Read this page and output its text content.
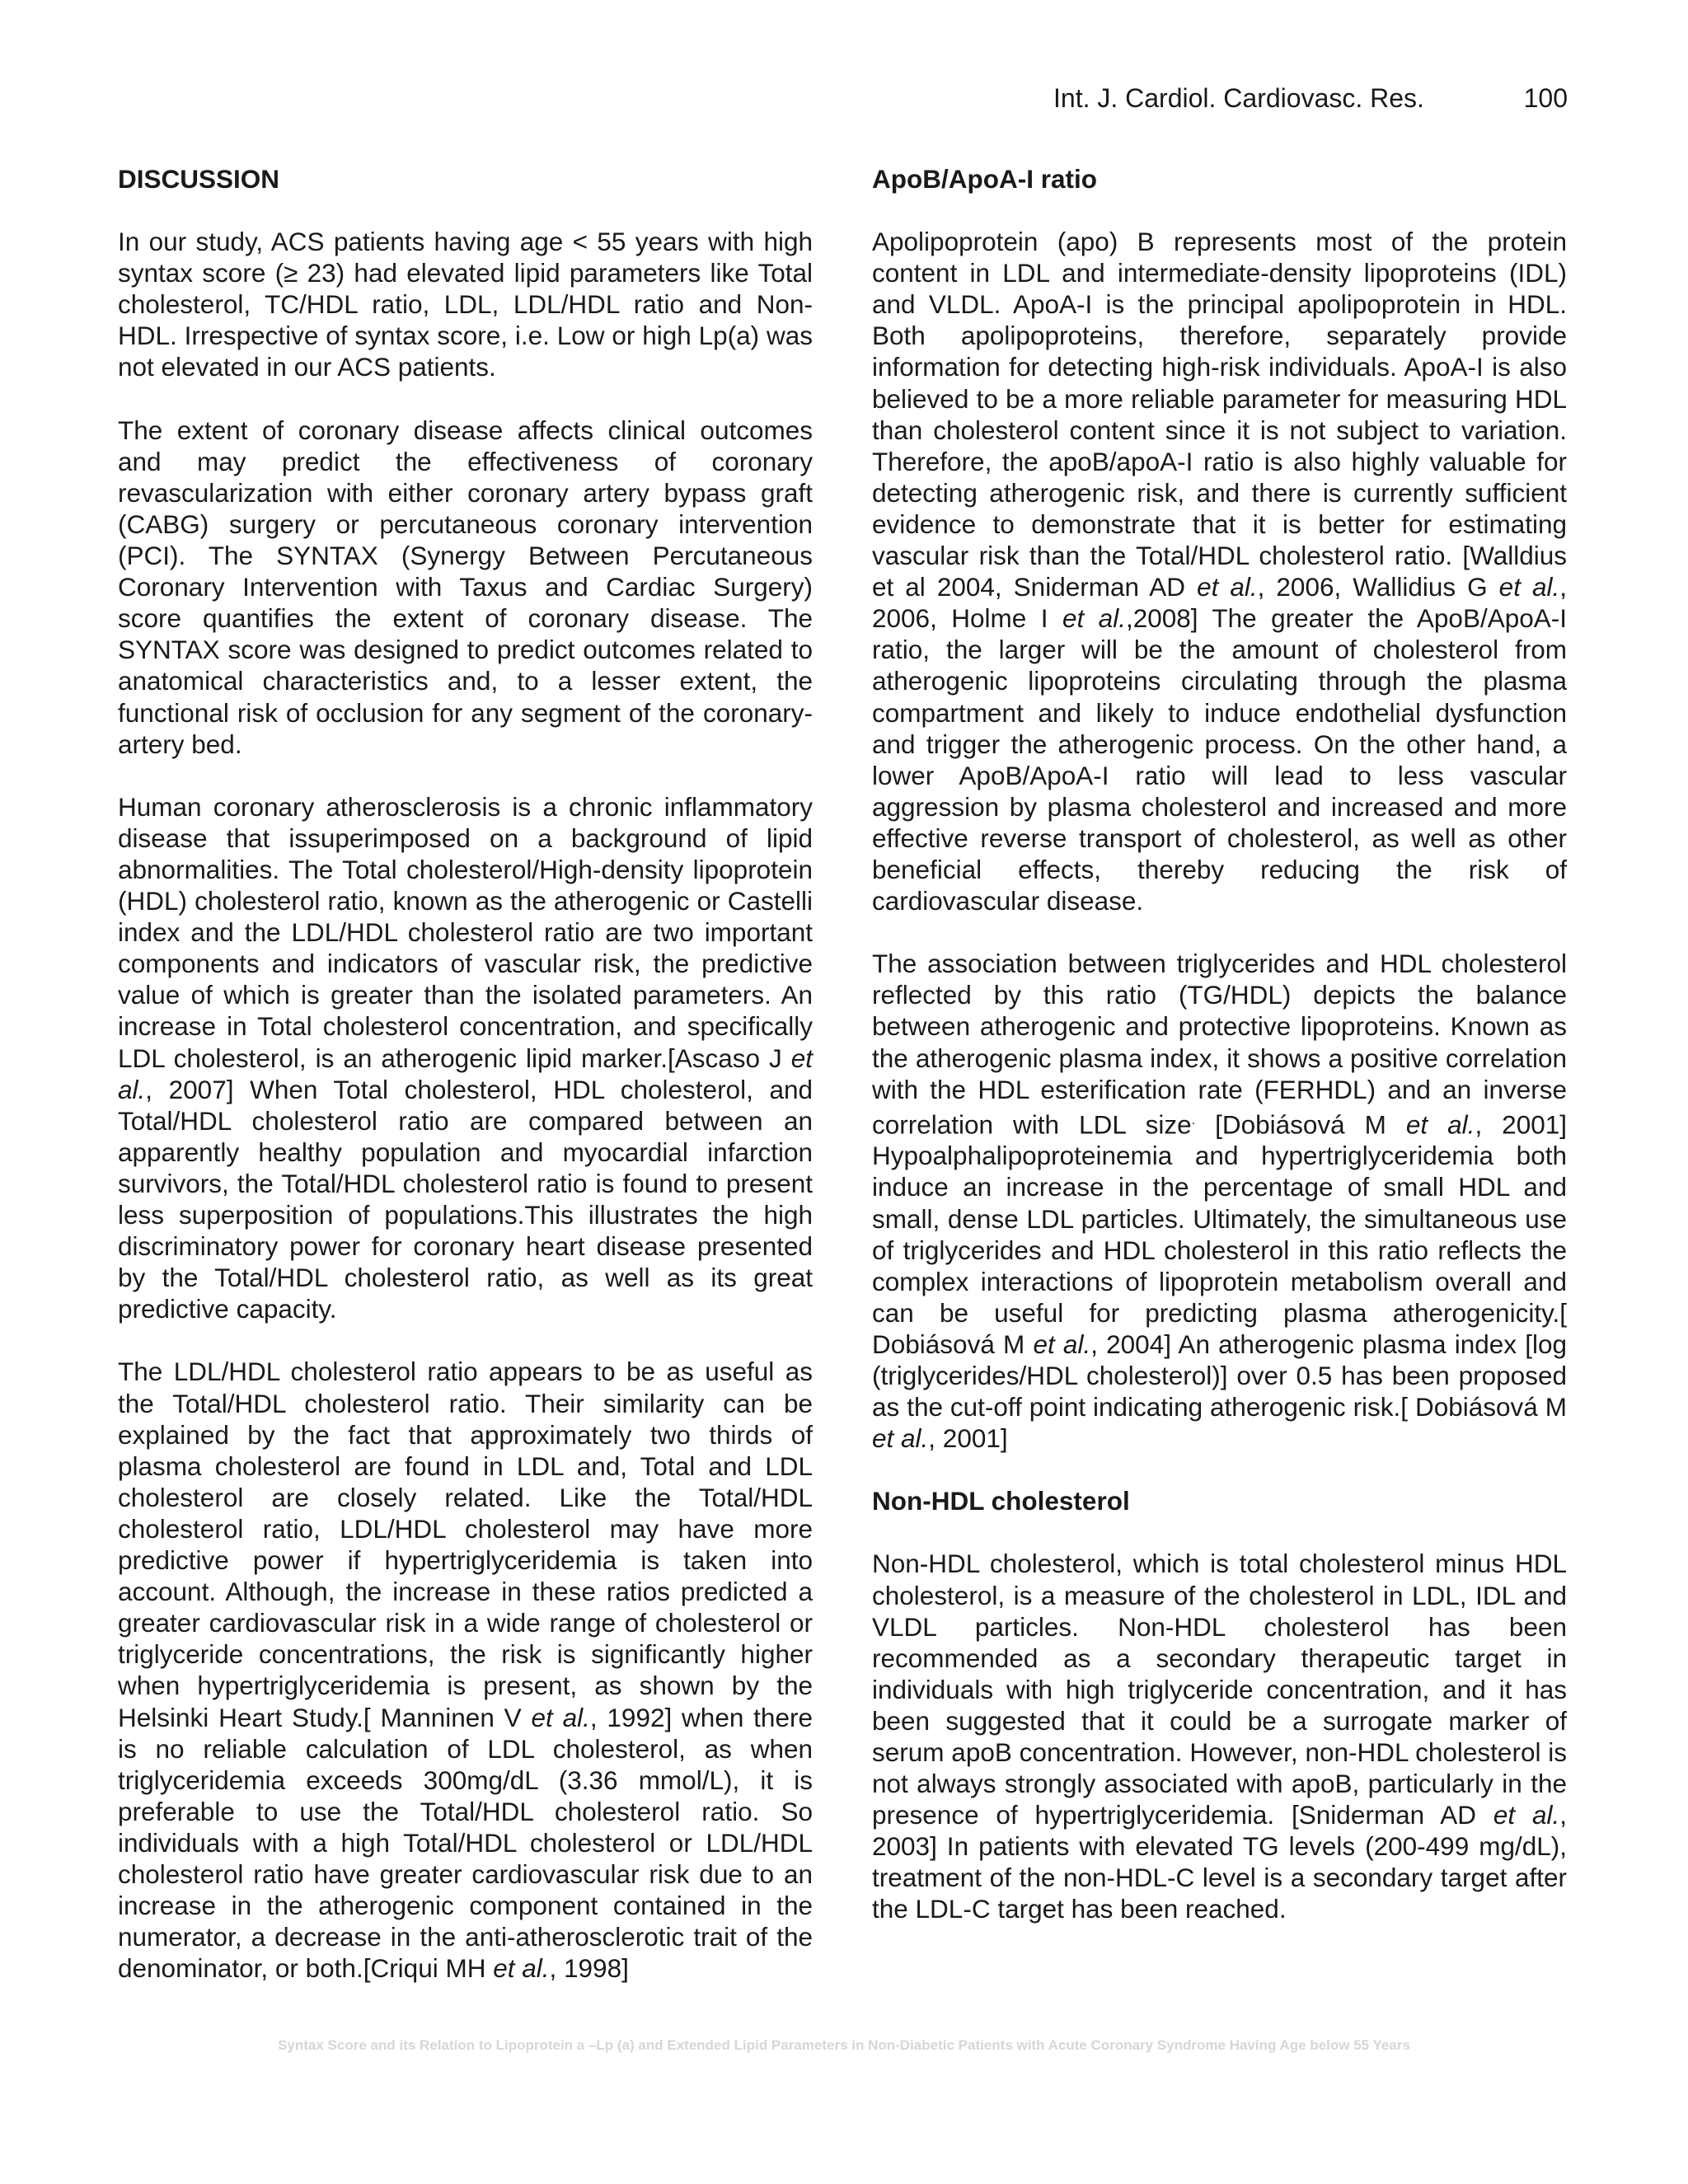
Int. J. Cardiol. Cardiovasc. Res.	100
DISCUSSION

In our study, ACS patients having age < 55 years with high syntax score (≥ 23) had elevated lipid parameters like Total cholesterol, TC/HDL ratio, LDL, LDL/HDL ratio and Non-HDL. Irrespective of syntax score, i.e. Low or high Lp(a) was not elevated in our ACS patients.

The extent of coronary disease affects clinical outcomes and may predict the effectiveness of coronary revascularization with either coronary artery bypass graft (CABG) surgery or percutaneous coronary intervention (PCI). The SYNTAX (Synergy Between Percutaneous Coronary Intervention with Taxus and Cardiac Surgery) score quantifies the extent of coronary disease. The SYNTAX score was designed to predict outcomes related to anatomical characteristics and, to a lesser extent, the functional risk of occlusion for any segment of the coronary-artery bed.

Human coronary atherosclerosis is a chronic inflammatory disease that issuperimposed on a background of lipid abnormalities. The Total cholesterol/High-density lipoprotein (HDL) cholesterol ratio, known as the atherogenic or Castelli index and the LDL/HDL cholesterol ratio are two important components and indicators of vascular risk, the predictive value of which is greater than the isolated parameters. An increase in Total cholesterol concentration, and specifically LDL cholesterol, is an atherogenic lipid marker.[Ascaso J et al., 2007] When Total cholesterol, HDL cholesterol, and Total/HDL cholesterol ratio are compared between an apparently healthy population and myocardial infarction survivors, the Total/HDL cholesterol ratio is found to present less superposition of populations.This illustrates the high discriminatory power for coronary heart disease presented by the Total/HDL cholesterol ratio, as well as its great predictive capacity.

The LDL/HDL cholesterol ratio appears to be as useful as the Total/HDL cholesterol ratio. Their similarity can be explained by the fact that approximately two thirds of plasma cholesterol are found in LDL and, Total and LDL cholesterol are closely related. Like the Total/HDL cholesterol ratio, LDL/HDL cholesterol may have more predictive power if hypertriglyceridemia is taken into account. Although, the increase in these ratios predicted a greater cardiovascular risk in a wide range of cholesterol or triglyceride concentrations, the risk is significantly higher when hypertriglyceridemia is present, as shown by the Helsinki Heart Study.[ Manninen V et al., 1992] when there is no reliable calculation of LDL cholesterol, as when triglyceridemia exceeds 300mg/dL (3.36 mmol/L), it is preferable to use the Total/HDL cholesterol ratio. So individuals with a high Total/HDL cholesterol or LDL/HDL cholesterol ratio have greater cardiovascular risk due to an increase in the atherogenic component contained in the numerator, a decrease in the anti-atherosclerotic trait of the denominator, or both.[Criqui MH et al., 1998]

ApoB/ApoA-I ratio

Apolipoprotein (apo) B represents most of the protein content in LDL and intermediate-density lipoproteins (IDL) and VLDL. ApoA-I is the principal apolipoprotein in HDL. Both apolipoproteins, therefore, separately provide information for detecting high-risk individuals. ApoA-I is also believed to be a more reliable parameter for measuring HDL than cholesterol content since it is not subject to variation. Therefore, the apoB/apoA-I ratio is also highly valuable for detecting atherogenic risk, and there is currently sufficient evidence to demonstrate that it is better for estimating vascular risk than the Total/HDL cholesterol ratio. [Walldius et al 2004, Sniderman AD et al., 2006, Wallidius G et al., 2006, Holme I et al.,2008] The greater the ApoB/ApoA-I ratio, the larger will be the amount of cholesterol from atherogenic lipoproteins circulating through the plasma compartment and likely to induce endothelial dysfunction and trigger the atherogenic process. On the other hand, a lower ApoB/ApoA-I ratio will lead to less vascular aggression by plasma cholesterol and increased and more effective reverse transport of cholesterol, as well as other beneficial effects, thereby reducing the risk of cardiovascular disease.

The association between triglycerides and HDL cholesterol reflected by this ratio (TG/HDL) depicts the balance between atherogenic and protective lipoproteins. Known as the atherogenic plasma index, it shows a positive correlation with the HDL esterification rate (FERHDL) and an inverse correlation with LDL size. [Dobiásová M et al., 2001] Hypoalphalipoproteinemia and hypertriglyceridemia both induce an increase in the percentage of small HDL and small, dense LDL particles. Ultimately, the simultaneous use of triglycerides and HDL cholesterol in this ratio reflects the complex interactions of lipoprotein metabolism overall and can be useful for predicting plasma atherogenicity.[ Dobiásová M et al., 2004] An atherogenic plasma index [log (triglycerides/HDL cholesterol)] over 0.5 has been proposed as the cut-off point indicating atherogenic risk.[ Dobiásová M et al., 2001]

Non-HDL cholesterol

Non-HDL cholesterol, which is total cholesterol minus HDL cholesterol, is a measure of the cholesterol in LDL, IDL and VLDL particles. Non-HDL cholesterol has been recommended as a secondary therapeutic target in individuals with high triglyceride concentration, and it has been suggested that it could be a surrogate marker of serum apoB concentration. However, non-HDL cholesterol is not always strongly associated with apoB, particularly in the presence of hypertriglyceridemia. [Sniderman AD et al., 2003] In patients with elevated TG levels (200-499 mg/dL), treatment of the non-HDL-C level is a secondary target after the LDL-C target has been reached.

Syntax Score and its Relation to Lipoprotein a –Lp (a) and Extended Lipid Parameters in Non-Diabetic Patients with Acute Coronary Syndrome Having Age below 55 Years
